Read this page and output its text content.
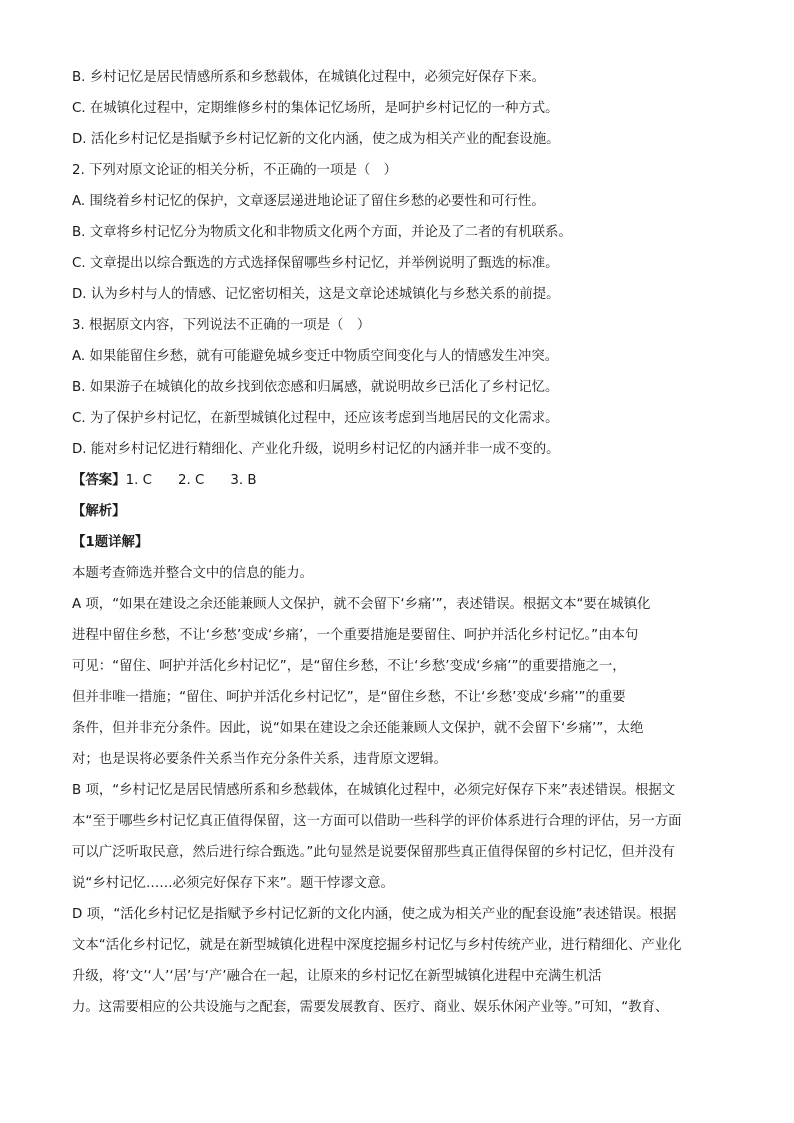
B. 乡村记忆是居民情感所系和乡愁载体，在城镇化过程中，必须完好保存下来。
C. 在城镇化过程中，定期维修乡村的集体记忆场所，是呵护乡村记忆的一种方式。
D. 活化乡村记忆是指赋予乡村记忆新的文化内涵，使之成为相关产业的配套设施。
2. 下列对原文论证的相关分析，不正确的一项是（　）
A. 围绕着乡村记忆的保护，文章逐层递进地论证了留住乡愁的必要性和可行性。
B. 文章将乡村记忆分为物质文化和非物质文化两个方面，并论及了二者的有机联系。
C. 文章提出以综合甄选的方式选择保留哪些乡村记忆，并举例说明了甄选的标准。
D. 认为乡村与人的情感、记忆密切相关，这是文章论述城镇化与乡愁关系的前提。
3. 根据原文内容，下列说法不正确的一项是（　）
A. 如果能留住乡愁，就有可能避免城乡变迁中物质空间变化与人的情感发生冲突。
B. 如果游子在城镇化的故乡找到依恋感和归属感，就说明故乡已活化了乡村记忆。
C. 为了保护乡村记忆，在新型城镇化过程中，还应该考虑到当地居民的文化需求。
D. 能对乡村记忆进行精细化、产业化升级，说明乡村记忆的内涵并非一成不变的。
【答案】1. C 2. C 3. B
【解析】
【1题详解】
本题考查筛选并整合文中的信息的能力。
A 项，“如果在建设之余还能兼顾人文保护，就不会留下‘乡痛’”，表述错误。根据文本“要在城镇化
进程中留住乡愁，不让‘乡愁’变成‘乡痛’，一个重要措施是要留住、呵护并活化乡村记忆。”由本句
可见：“留住、呵护并活化乡村记忆”，是“留住乡愁，不让‘乡愁’变成‘乡痛’”的重要措施之一，
但并非唯一措施；“留住、呵护并活化乡村记忆”，是“留住乡愁，不让‘乡愁’变成‘乡痛’”的重要
条件，但并非充分条件。因此，说“如果在建设之余还能兼顾人文保护，就不会留下‘乡痛’”，太绝
对；也是误将必要条件关系当作充分条件关系，违背原文逻辑。
B 项，“乡村记忆是居民情感所系和乡愁载体，在城镇化过程中，必须完好保存下来”表述错误。根据文
本“至于哪些乡村记忆真正值得保留，这一方面可以借助一些科学的评价体系进行合理的评估，另一方面
可以广泛听取民意，然后进行综合甄选。”此句显然是说要保留那些真正值得保留的乡村记忆，但并没有
说“乡村记忆……必须完好保存下来”。题干悖谬文意。
D 项，“活化乡村记忆是指赋予乡村记忆新的文化内涵，使之成为相关产业的配套设施”表述错误。根据
文本“活化乡村记忆，就是在新型城镇化进程中深度挖掘乡村记忆与乡村传统产业，进行精细化、产业化
升级，将‘文’‘人’‘居’与‘产’融合在一起，让原来的乡村记忆在新型城镇化进程中充满生机活
力。这需要相应的公共设施与之配套，需要发展教育、医疗、商业、娱乐休闲产业等。”可知，“教育、
